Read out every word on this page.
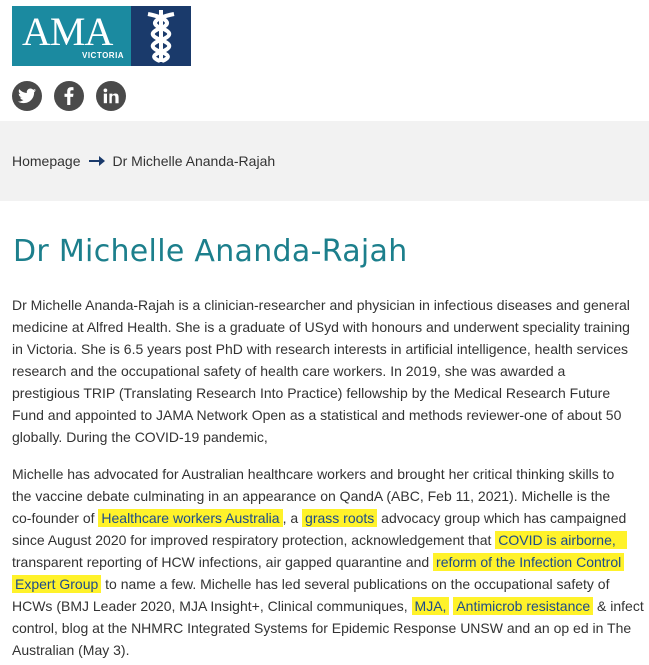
AMA
VICTORIA
Homepage Dr Michelle Ananda-Rajah
Dr Michelle Ananda-Rajah

Dr Michelle Ananda-Rajah is a clinician-researcher and physician in infectious diseases and general
medicine at Alfred Health. She is a graduate of USyd with honours and underwent speciality training
in Victoria. She is 6.5 years post PhD with research interests in artificial intelligence, health services
research and the occupational safety of health care workers. In 2019, she was awarded a
prestigious TRIP (Translating Research Into Practice) fellowship by the Medical Research Future
Fund and appointed to JAMA Network Open as a statistical and methods reviewer-one of about 50
globally. During the COVID-19 pandemic,

Michelle has advocated for Australian healthcare workers and brought her critical thinking skills to
the vaccine debate culminating in an appearance on QandA (ABC, Feb 11, 2021). Michelle is the
co-founder of Healthcare workers Australia , a grass roots advocacy group which has campaigned
since August 2020 for improved respiratory protection, acknowledgement that COVID is airborne,
transparent reporting of HCW infections, air gapped quarantine and reform of the Infection Control
Expert Group to name a few. Michelle has led several publications on the occupational safety of
HCWs (BMJ Leader 2020, MJA Insight+, Clinical communiques, MJA, Antimicrob resistance & infect
control, blog at the NHMRC Integrated Systems for Epidemic Response UNSW and an op ed in The
Australian (May 3).
